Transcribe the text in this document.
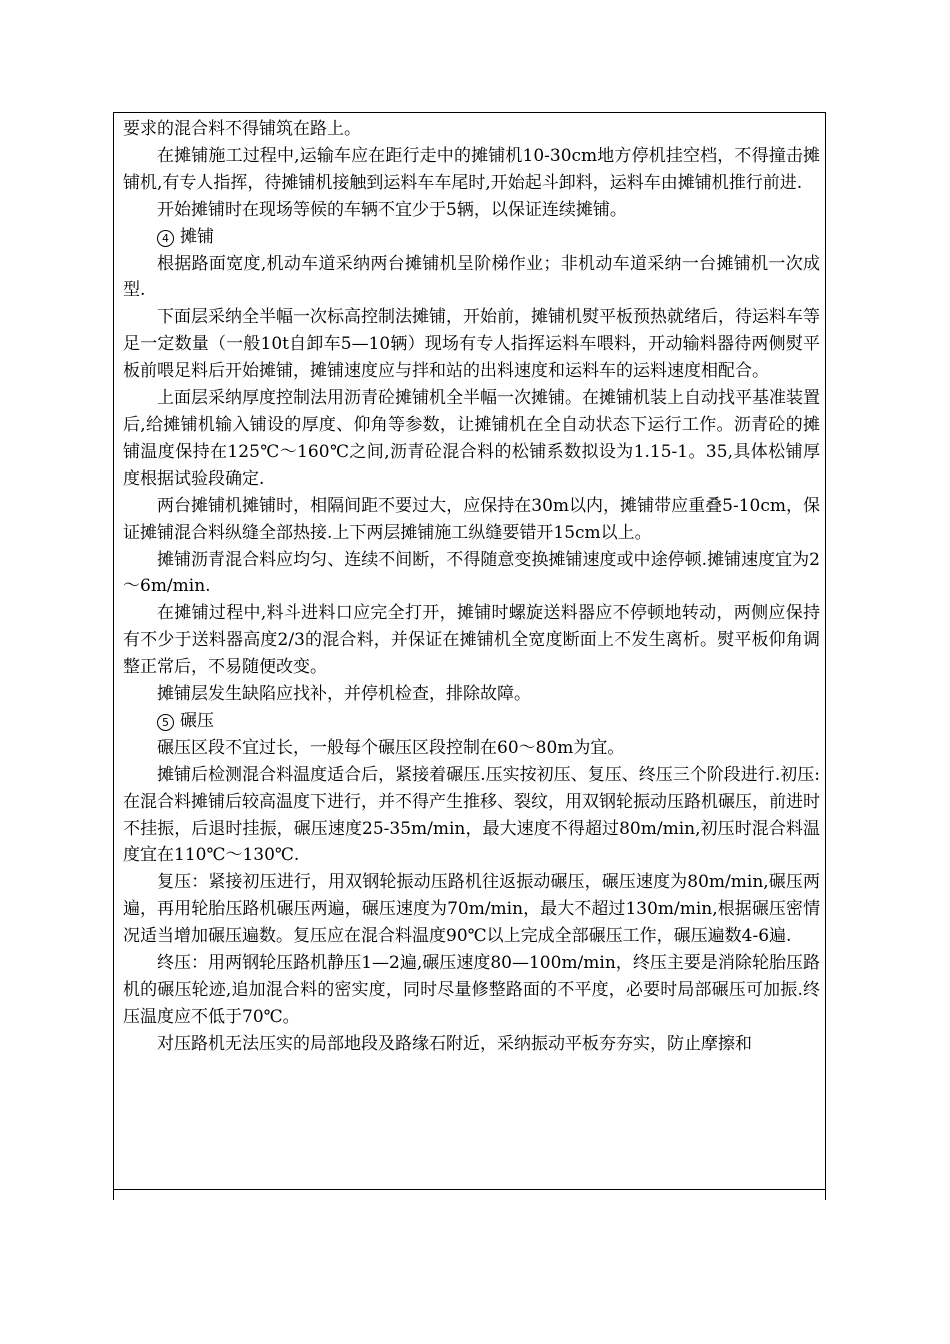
要求的混合料不得铺筑在路上。

在摊铺施工过程中,运输车应在距行走中的摊铺机10-30cm地方停机挂空档，不得撞击摊铺机,有专人指挥，待摊铺机接触到运料车车尾时,开始起斗卸料，运料车由摊铺机推行前进.

开始摊铺时在现场等候的车辆不宜少于5辆，以保证连续摊铺。

4 摊铺

根据路面宽度,机动车道采纳两台摊铺机呈阶梯作业；非机动车道采纳一台摊铺机一次成型.

下面层采纳全半幅一次标高控制法摊铺，开始前，摊铺机熨平板预热就绪后，待运料车等足一定数量（一般10t自卸车5—10辆）现场有专人指挥运料车喂料，开动输料器待两侧熨平板前喂足料后开始摊铺，摊铺速度应与拌和站的出料速度和运料车的运料速度相配合。

上面层采纳厚度控制法用沥青砼摊铺机全半幅一次摊铺。在摊铺机装上自动找平基准装置后,给摊铺机输入铺设的厚度、仰角等参数，让摊铺机在全自动状态下运行工作。沥青砼的摊铺温度保持在125℃～160℃之间,沥青砼混合料的松铺系数拟设为1.15-1。35,具体松铺厚度根据试验段确定.

两台摊铺机摊铺时，相隔间距不要过大，应保持在30m以内，摊铺带应重叠5-10cm，保证摊铺混合料纵缝全部热接.上下两层摊铺施工纵缝要错开15cm以上。

摊铺沥青混合料应均匀、连续不间断，不得随意变换摊铺速度或中途停顿.摊铺速度宜为2～6m/min.

在摊铺过程中,料斗进料口应完全打开，摊铺时螺旋送料器应不停顿地转动，两侧应保持有不少于送料器高度2/3的混合料，并保证在摊铺机全宽度断面上不发生离析。熨平板仰角调整正常后，不易随便改变。

摊铺层发生缺陷应找补，并停机检查，排除故障。

5 碾压

碾压区段不宜过长，一般每个碾压区段控制在60～80m为宜。

摊铺后检测混合料温度适合后，紧接着碾压.压实按初压、复压、终压三个阶段进行.初压:在混合料摊铺后较高温度下进行，并不得产生推移、裂纹，用双钢轮振动压路机碾压，前进时不挂振，后退时挂振，碾压速度25-35m/min，最大速度不得超过80m/min,初压时混合料温度宜在110℃～130℃.

复压：紧接初压进行，用双钢轮振动压路机往返振动碾压，碾压速度为80m/min,碾压两遍，再用轮胎压路机碾压两遍，碾压速度为70m/min，最大不超过130m/min,根据碾压密情况适当增加碾压遍数。复压应在混合料温度90℃以上完成全部碾压工作，碾压遍数4-6遍.

终压：用两钢轮压路机静压1—2遍,碾压速度80—100m/min，终压主要是消除轮胎压路机的碾压轮迹,追加混合料的密实度，同时尽量修整路面的不平度，必要时局部碾压可加振.终压温度应不低于70℃。

对压路机无法压实的局部地段及路缘石附近，采纳振动平板夯夯实，防止摩擦和
